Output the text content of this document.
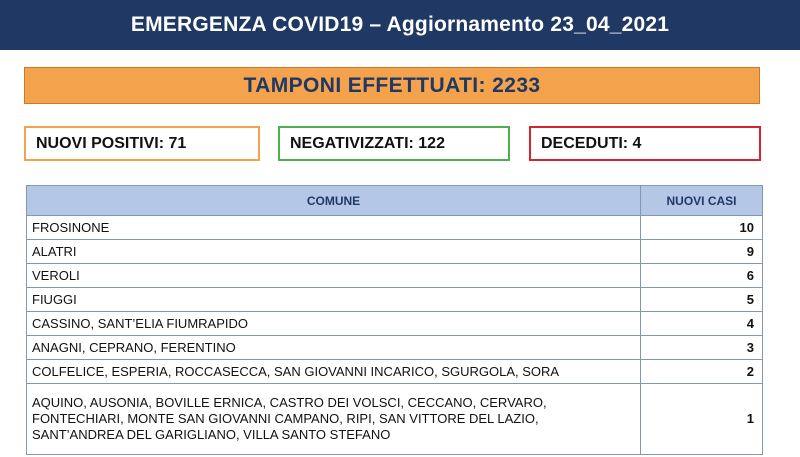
EMERGENZA COVID19 – Aggiornamento 23_04_2021
TAMPONI EFFETTUATI: 2233
NUOVI POSITIVI: 71	NEGATIVIZZATI: 122	DECEDUTI: 4
COMUNE	NUOVI CASI
FROSINONE	10
ALATRI	9
VEROLI	6
FIUGGI	5
CASSINO, SANT’ELIA FIUMRAPIDO	4
ANAGNI, CEPRANO, FERENTINO	3
COLFELICE, ESPERIA, ROCCASECCA, SAN GIOVANNI INCARICO, SGURGOLA, SORA	2

AQUINO, AUSONIA, BOVILLE ERNICA, CASTRO DEI VOLSCI, CECCANO, CERVARO,
FONTECHIARI, MONTE SAN GIOVANNI CAMPANO, RIPI, SAN VITTORE DEL LAZIO,
SANT’ANDREA DEL GARIGLIANO, VILLA SANTO STEFANO	1
